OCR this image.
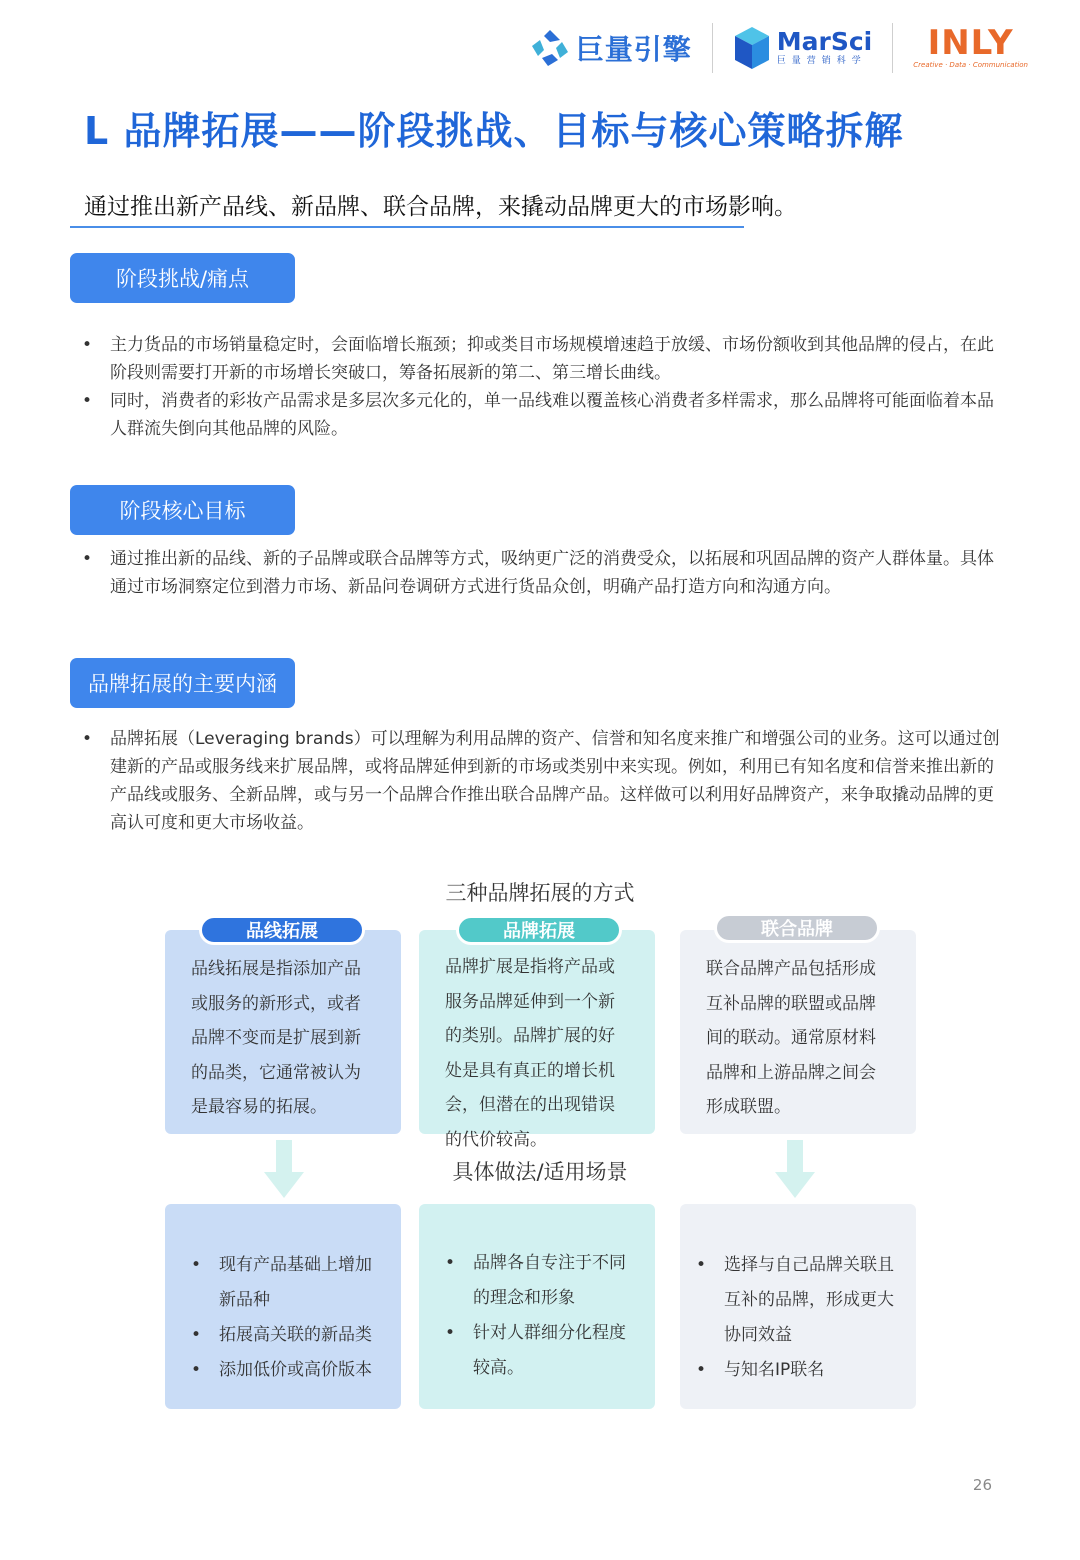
巨量引擎	MarSci
巨量营销科学 INLY
Creative · Data · Communication
L 品牌拓展——阶段挑战、目标与核心策略拆解
通过推出新产品线、新品牌、联合品牌，来撬动品牌更大的市场影响。
阶段挑战/痛点
• 主力货品的市场销量稳定时，会面临增长瓶颈；抑或类目市场规模增速趋于放缓、市场份额收到其他品牌的侵占，在此阶段则需要打开新的市场增长突破口，筹备拓展新的第二、第三增长曲线。
• 同时，消费者的彩妆产品需求是多层次多元化的，单一品线难以覆盖核心消费者多样需求，那么品牌将可能面临着本品人群流失倒向其他品牌的风险。
阶段核心目标
• 通过推出新的品线、新的子品牌或联合品牌等方式，吸纳更广泛的消费受众，以拓展和巩固品牌的资产人群体量。具体通过市场洞察定位到潜力市场、新品问卷调研方式进行货品众创，明确产品打造方向和沟通方向。
品牌拓展的主要内涵
• 品牌拓展（Leveraging brands）可以理解为利用品牌的资产、信誉和知名度来推广和增强公司的业务。这可以通过创建新的产品或服务线来扩展品牌，或将品牌延伸到新的市场或类别中来实现。例如，利用已有知名度和信誉来推出新的产品线或服务、全新品牌，或与另一个品牌合作推出联合品牌产品。这样做可以利用好品牌资产，来争取撬动品牌的更高认可度和更大市场收益。
三种品牌拓展的方式

品线拓展是指添加产品或服务的新形式，或者品牌不变而是扩展到新的品类，它通常被认为是最容易的拓展。

品牌扩展是指将产品或服务品牌延伸到一个新的类别。品牌扩展的好处是具有真正的增长机会，但潜在的出现错误的代价较高。

联合品牌产品包括形成互补品牌的联盟或品牌间的联动。通常原材料品牌和上游品牌之间会形成联盟。

品线拓展	品牌拓展	联合品牌
具体做法/适用场景
• 现有产品基础上增加新品种
• 拓展高关联的新品类
• 添加低价或高价版本
• 品牌各自专注于不同的理念和形象
• 针对人群细分化程度较高。
• 选择与自己品牌关联且互补的品牌，形成更大协同效益
• 与知名IP联名
26
